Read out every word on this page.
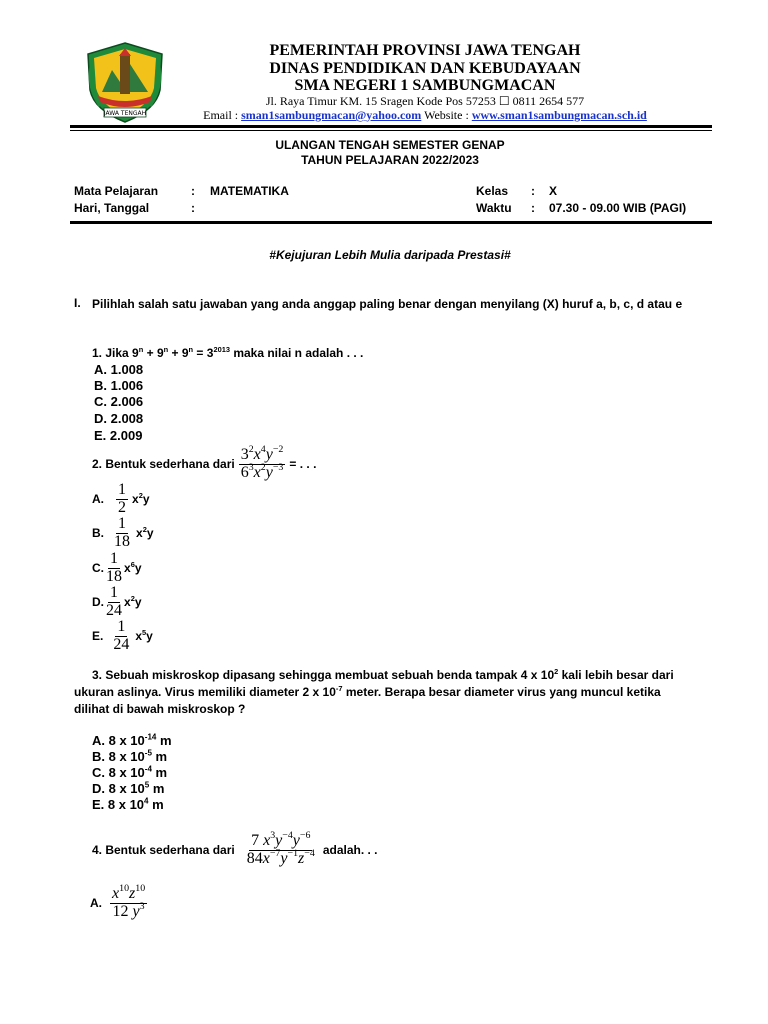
JAWA TENGAH
PEMERINTAH PROVINSI JAWA TENGAH
DINAS PENDIDIKAN DAN KEBUDAYAAN
SMA NEGERI 1 SAMBUNGMACAN
Jl. Raya Timur KM. 15 Sragen Kode Pos 57253 ☐ 0811 2654 577
Email : sman1sambungmacan@yahoo.com Website : www.sman1sambungmacan.sch.id
ULANGAN TENGAH SEMESTER GENAP
TAHUN PELAJARAN 2022/2023
Mata Pelajaran	: MATEMATIKA	Kelas : X
Hari, Tanggal	:	Waktu : 07.30 - 09.00 WIB (PAGI)
#Kejujuran Lebih Mulia daripada Prestasi#
I. Pilihlah salah satu jawaban yang anda anggap paling benar dengan menyilang (X) huruf a, b, c, d atau e
1. Jika $9^n + 9^n + 9^n = 3^{2013}$ maka nilai n adalah . . .
A. 1.008
B. 1.006
C. 2.006
D. 2.008
E. 2.009
2. Bentuk sederhana dari $\frac{3^2x^4y^{-2}}{6^3x^2y^{-3}}$ = . . .
A. $\frac{1}{2} x^2y$
B. $\frac{1}{18} x^2y$
C. $\frac{1}{18} x^6y$
D. $\frac{1}{24} x^2y$
E. $\frac{1}{24} x^5y$
3. Sebuah miskroskop dipasang sehingga membuat sebuah benda tampak 4 x $10^2$ kali lebih besar dari
ukuran aslinya. Virus memiliki diameter 2 x $10^{-7}$ meter. Berapa besar diameter virus yang muncul ketika
dilihat di bawah miskroskop ?
A. 8 x $10^{-14}$ m
B. 8 x $10^{-5}$ m
C. 8 x $10^{-4}$ m
D. 8 x $10^5$ m
E. 8 x $10^4$ m
4. Bentuk sederhana dari $\frac{7 x^3y^{-4}y^{-6}}{84x^{-7}y^{-1}z^{-4}}$ adalah. . .
A. $\frac{x^{10}z^{10}}{12 y^3}$
